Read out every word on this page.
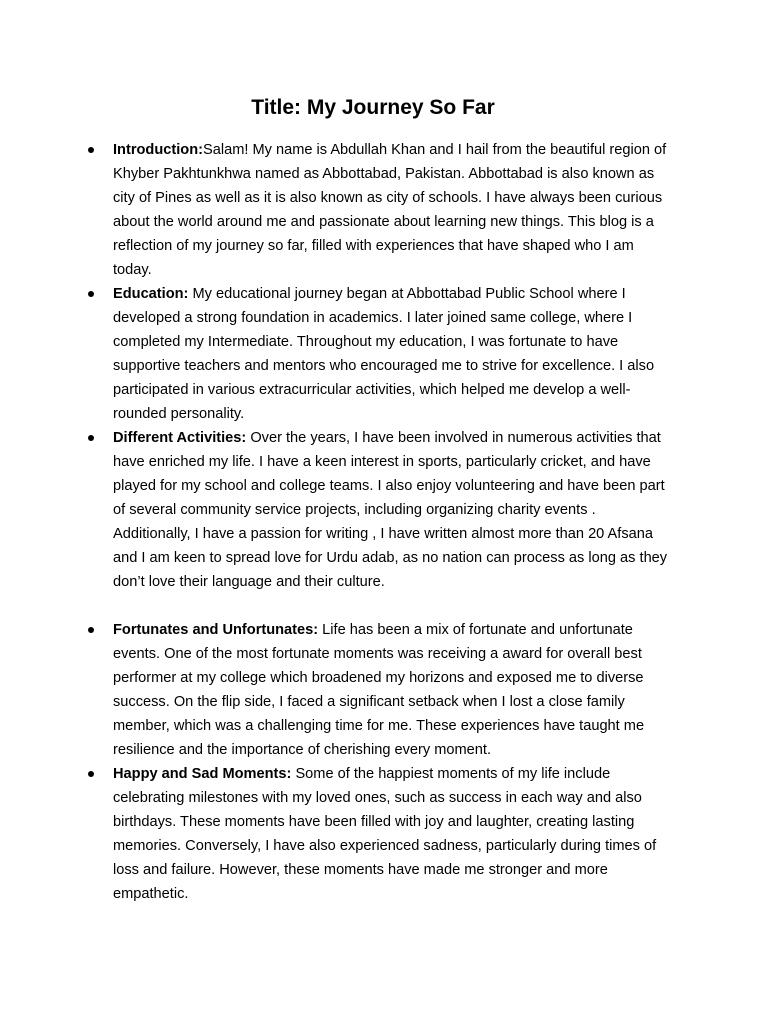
Title: My Journey So Far
Introduction:Salam! My name is Abdullah Khan and I hail from the beautiful region of Khyber Pakhtunkhwa named as Abbottabad, Pakistan. Abbottabad is also known as city of Pines as well as it is also known as city of schools. I have always been curious about the world around me and passionate about learning new things. This blog is a reflection of my journey so far, filled with experiences that have shaped who I am today.
Education: My educational journey began at Abbottabad Public School where I developed a strong foundation in academics. I later joined same college, where I completed my Intermediate. Throughout my education, I was fortunate to have supportive teachers and mentors who encouraged me to strive for excellence. I also participated in various extracurricular activities, which helped me develop a well-rounded personality.
Different Activities: Over the years, I have been involved in numerous activities that have enriched my life. I have a keen interest in sports, particularly cricket, and have played for my school and college teams. I also enjoy volunteering and have been part of several community service projects, including organizing charity events . Additionally, I have a passion for writing , I have written almost more than 20 Afsana and I am keen to spread love for Urdu adab, as no nation can process as long as they don’t love their language and their culture.
Fortunates and Unfortunates: Life has been a mix of fortunate and unfortunate events. One of the most fortunate moments was receiving a award for overall best performer at my college which broadened my horizons and exposed me to diverse success. On the flip side, I faced a significant setback when I lost a close family member, which was a challenging time for me. These experiences have taught me resilience and the importance of cherishing every moment.
Happy and Sad Moments: Some of the happiest moments of my life include celebrating milestones with my loved ones, such as success in each way and also birthdays. These moments have been filled with joy and laughter, creating lasting memories. Conversely, I have also experienced sadness, particularly during times of loss and failure. However, these moments have made me stronger and more empathetic.
